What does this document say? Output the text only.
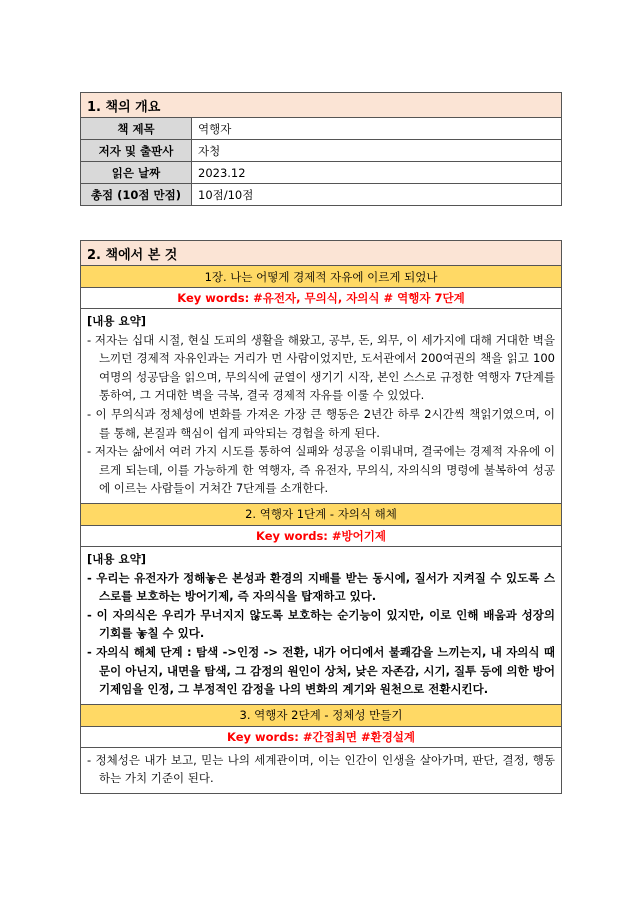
1. 책의 개요	
책 제목	역행자
저자 및 출판사	자청
읽은 날짜	2023.12
총점 (10점 만점)	10점/10점
2. 책에서 본 것
1장. 나는 어떻게 경제적 자유에 이르게 되었나
Key words: #유전자, 무의식, 자의식 # 역행자 7단계

[내용 요약]
- 저자는 십대 시절, 현실 도피의 생활을 해왔고, 공부, 돈, 외무, 이 세가지에 대해 거대한 벽을 느끼던 경제적 자유인과는 거리가 먼 사람이었지만, 도서관에서 200여권의 책을 읽고 100여명의 성공담을 읽으며, 무의식에 균열이 생기기 시작, 본인 스스로 규정한 역행자 7단계를 통하여, 그 거대한 벽을 극복, 결국 경제적 자유를 이룰 수 있었다.
- 이 무의식과 정체성에 변화를 가져온 가장 큰 행동은 2년간 하루 2시간씩 책읽기였으며, 이를 통해, 본질과 핵심이 쉽게 파악되는 경험을 하게 된다.
- 저자는 삶에서 여러 가지 시도를 통하여 실패와 성공을 이뤄내며, 결국에는 경제적 자유에 이르게 되는데, 이를 가능하게 한 역행자, 즉 유전자, 무의식, 자의식의 명령에 불복하여 성공에 이르는 사람들이 거쳐간 7단계를 소개한다.

2. 역행자 1단계 - 자의식 해체
Key words: #방어기제

[내용 요약]
- 우리는 유전자가 정해놓은 본성과 환경의 지배를 받는 동시에, 질서가 지켜질 수 있도록 스스로를 보호하는 방어기제, 즉 자의식을 탑재하고 있다.
- 이 자의식은 우리가 무너지지 않도록 보호하는 순기능이 있지만, 이로 인해 배움과 성장의 기회를 놓칠 수 있다.
- 자의식 해체 단계 : 탐색 ->인정 -> 전환, 내가 어디에서 불쾌감을 느끼는지, 내 자의식 때문이 아닌지, 내면을 탐색, 그 감정의 원인이 상처, 낮은 자존감, 시기, 질투 등에 의한 방어기제임을 인정, 그 부정적인 감정을 나의 변화의 계기와 원천으로 전환시킨다.

3. 역행자 2단계 - 정체성 만들기
Key words: #간접최면 #환경설계

- 정체성은 내가 보고, 믿는 나의 세계관이며, 이는 인간이 인생을 살아가며, 판단, 결정, 행동하는 가치 기준이 된다.
